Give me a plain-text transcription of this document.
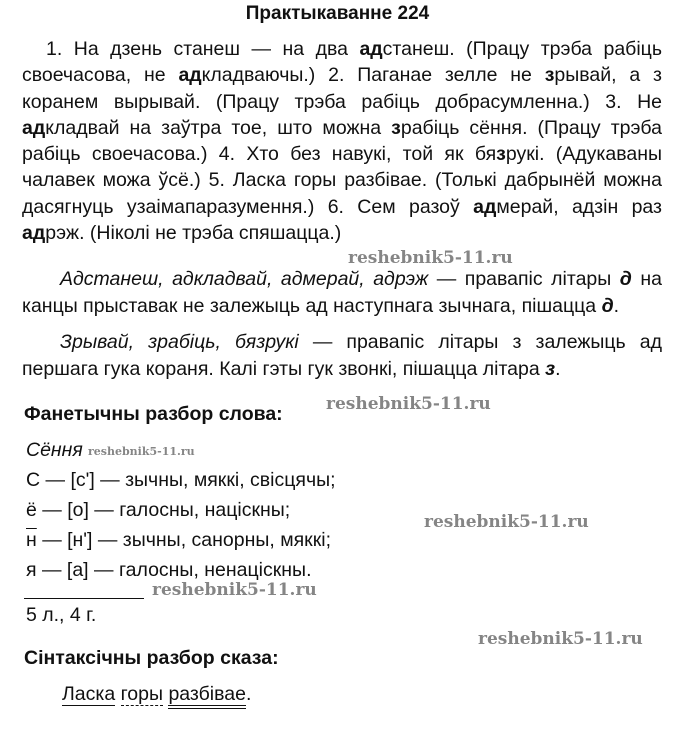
Практыкаванне 224
1. На дзень станеш — на два адстанеш. (Працу трэба рабіць своечасова, не адкладваючы.) 2. Паганае зелле не зрывай, а з коранем вырывай. (Працу трэба рабіць добрасумленна.) 3. Не адкладвай на заўтра тое, што можна зрабіць сёння. (Працу трэба рабіць своечасова.) 4. Хто без навукі, той як бязрукі. (Адукаваны чалавек можа ўсё.) 5. Ласка горы разбівае. (Толькі дабрынёй можна дасягнуць узаімапаразумення.) 6. Сем разоў адмерай, адзін раз адрэж. (Ніколі не трэба спяшацца.)
Адстанеш, адкладвай, адмерай, адрэж — правапіс літары д на канцы прыставак не залежыць ад наступнага зычнага, пішацца д.
Зрывай, зрабіць, бязрукі — правапіс літары з залежыць ад першага гука кораня. Калі гэты гук звонкі, пішацца літара з.
Фанетычны разбор слова:
Сёння
С — [с'] — зычны, мяккі, свісцячы;
ё — [о] — галосны, націскны;
н — [н'] — зычны, санорны, мяккі;
я — [а] — галосны, ненаціскны.
5 л., 4 г.
Сінтаксічны разбор сказа:
Ласка горы разбівае.
reshebnik5-11.ru
reshebnik5-11.ru
reshebnik5-11.ru
reshebnik5-11.ru
reshebnik5-11.ru
reshebnik5-11.ru
